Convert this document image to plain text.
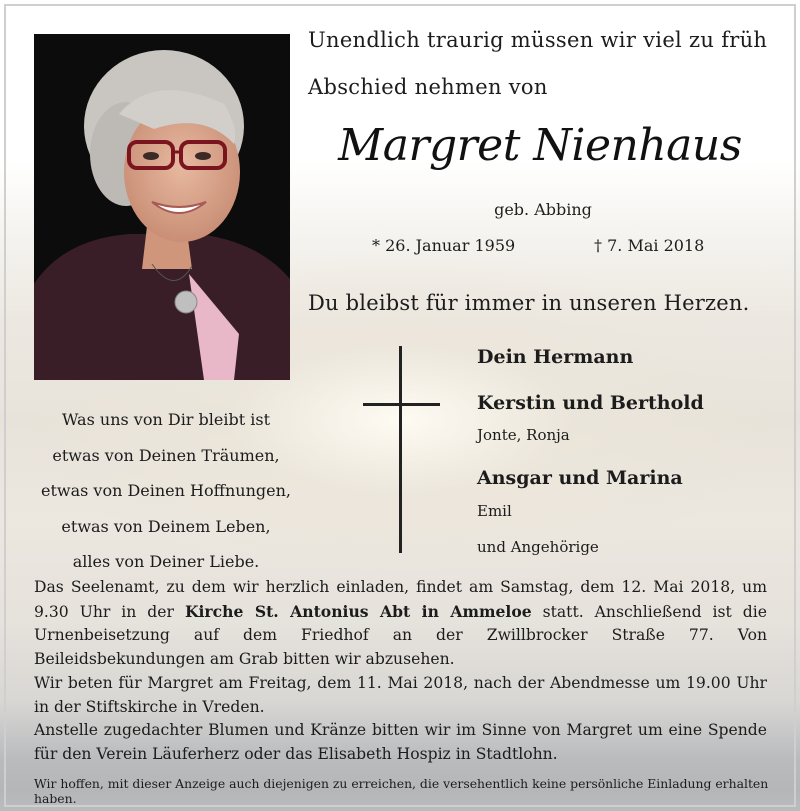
Unendlich traurig müssen wir viel zu früh
Abschied nehmen von
Margret Nienhaus
geb. Abbing
* 26. Januar 1959	† 7. Mai 2018
Du bleibst für immer in unseren Herzen.
Was uns von Dir bleibt ist
etwas von Deinen Träumen,
etwas von Deinen Hoffnungen,
etwas von Deinem Leben,
alles von Deiner Liebe.
Dein Hermann
Kerstin und Berthold
Jonte, Ronja
Ansgar und Marina
Emil
und Angehörige

Das Seelenamt, zu dem wir herzlich einladen, findet am Samstag, dem 12. Mai 2018, um 9.30 Uhr in der Kirche St. Antonius Abt in Ammeloe statt. Anschließend ist die Urnenbeisetzung auf dem Friedhof an der Zwillbrocker Straße 77. Von Beileidsbekundungen am Grab bitten wir abzusehen.

Wir beten für Margret am Freitag, dem 11. Mai 2018, nach der Abendmesse um 19.00 Uhr in der Stiftskirche in Vreden.

Anstelle zugedachter Blumen und Kränze bitten wir im Sinne von Margret um eine Spende für den Verein Läuferherz oder das Elisabeth Hospiz in Stadtlohn.

Wir hoffen, mit dieser Anzeige auch diejenigen zu erreichen, die versehentlich keine persönliche Einladung erhalten haben.
